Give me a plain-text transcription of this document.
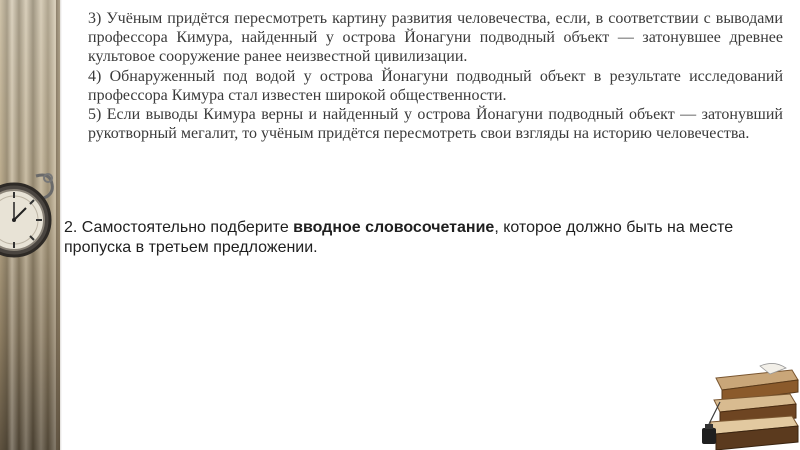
3) Учёным придётся пересмотреть картину развития человечества, если, в соответствии с выводами профессора Кимура, найденный у острова Йонагуни подводный объект — затонувшее древнее культовое сооружение ранее неизвестной цивилизации.

4) Обнаруженный под водой у острова Йонагуни подводный объект в результате исследований профессора Кимура стал известен широкой общественности.

5) Если выводы Кимура верны и найденный у острова Йонагуни подводный объект — затонувший рукотворный мегалит, то учёным придётся пересмотреть свои взгляды на историю человечества.

2. Самостоятельно подберите вводное словосочетание, которое должно быть на месте пропуска в третьем предложении.
